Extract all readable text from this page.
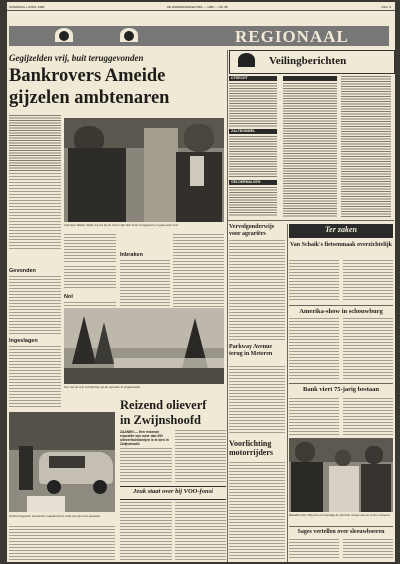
ZATERDAG 1 APRIL 1989	DE RIDDERKERKER ABS — 1989 — NR. 88	PAG. 9
REGIONAAL
Gegijzelden vrij, buit teruggevonden
Bankrovers Ameide
gijzelen ambtenaren
Gijzelaar Bakker blijkt vrij als hij de rovers zijn buit heeft overgegeven en gaat naar huis.
Inbraken
Gevonden
Nol
Ingeslagen
Een van de vele schilderijen op de expositie in Zwijnshoofd.
Reizend olieverf
in Zwijnshoofd
ZAANEN — Een reizende expositie van meer dan 200 olieverfschilderijen is te zien in Zwijnshoofd.
Verkeersongeluk: bestuurder ongedeerd uit wrak van zijn auto gehaald.
Jeuk staat over bij VOO-fonsi
Veilingberichten
UTRECHT
ZALTBOMMEL
GELDERMALSEN
Vervolgonderwijs voor agrariërs
Parkway Avenue terug in Meteren
Voorlichting motorrijders
Ter zaken
Van Schaik's fietsenmaak overzichtelijk
Amerika-show in schouwburg
Bank viert 75-jarig bestaan
Bankdirecteur Wijnstra overhandigt de speciale cheque aan de eerste winnares.
Sages vertellen over sleeuwboeren
